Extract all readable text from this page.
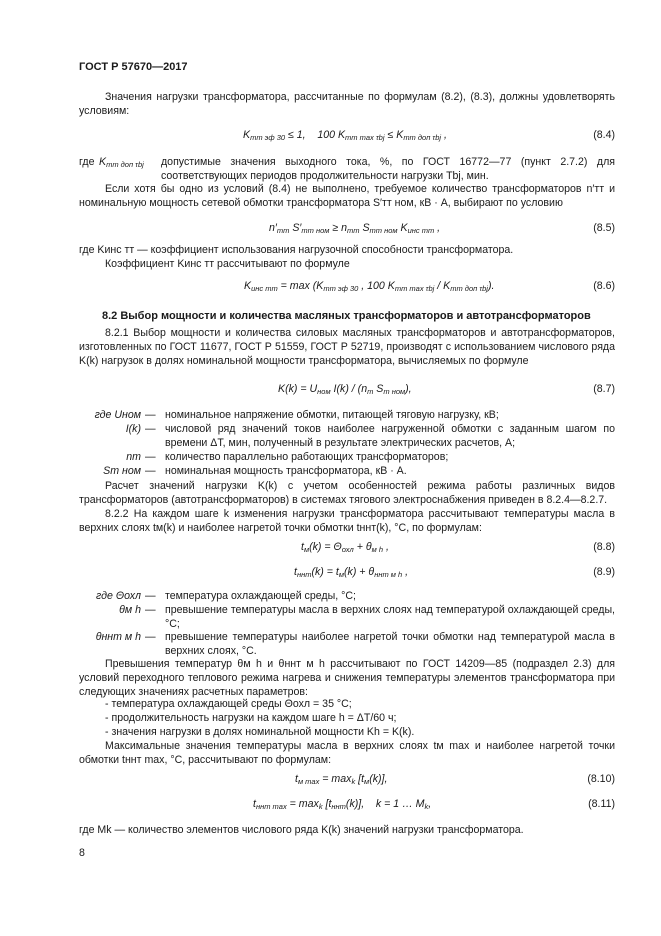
ГОСТ Р 57670—2017
Значения нагрузки трансформатора, рассчитанные по формулам (8.2), (8.3), должны удовлетворять условиям:
$K_{тт эф 30} \le 1$,    100 $K_{тт max \tau bj} \le K_{тт доп \tau bj}$ ,	(8.4)
где $K_{тт доп \tau bj}$ допустимые значения выходного тока, %, по ГОСТ 16772—77 (пункт 2.7.2) для соответствующих периодов продолжительности нагрузки Tbj, мин.
Если хотя бы одно из условий (8.4) не выполнено, требуемое количество трансформаторов n′тт и номинальную мощность сетевой обмотки трансформатора S′тт ном, кВ · А, выбирают по условию
$n'_{тт}$ $S'_{тт ном} \ge n_{тт}$ $S_{тт ном}$ $K_{инс тт}$ ,	(8.5)
где Kинс тт — коэффициент использования нагрузочной способности трансформатора.
Коэффициент Kинс тт рассчитывают по формуле
$K_{инс тт} = \max (K_{тт эф 30}$ , 100 $K_{тт max \tau bj} / K_{тт доп \tau bj}$).	(8.6)
8.2 Выбор мощности и количества масляных трансформаторов и автотрансформаторов
8.2.1 Выбор мощности и количества силовых масляных трансформаторов и автотрансформаторов, изготовленных по ГОСТ 11677, ГОСТ Р 51559, ГОСТ Р 52719, производят с использованием числового ряда K(k) нагрузок в долях номинальной мощности трансформатора, вычисляемых по формуле
$K(k) = U_{ном}$ $I(k) / (n_т$ $S_{т ном}$),	(8.7)
где Uном — номинальное напряжение обмотки, питающей тяговую нагрузку, кВ;
I(k) — числовой ряд значений токов наиболее нагруженной обмотки с заданным шагом по времени ΔT, мин, полученный в результате электрических расчетов, А;
nт — количество параллельно работающих трансформаторов;
Sт ном — номинальная мощность трансформатора, кВ · А.
Расчет значений нагрузки K(k) с учетом особенностей режима работы различных видов трансформаторов (автотрансформаторов) в системах тягового электроснабжения приведен в 8.2.4—8.2.7.
8.2.2 На каждом шаге k изменения нагрузки трансформатора рассчитывают температуры масла в верхних слоях tм(k) и наиболее нагретой точки обмотки tннт(k), °С, по формулам:
$t_м(k) = \Theta_{охл} + \theta_{м h}$ ,	(8.8)
$t_{ннт}(k) = t_м(k) + \theta_{ннт м h}$ ,	(8.9)
где Θохл — температура охлаждающей среды, °С;
θм h — превышение температуры масла в верхних слоях над температурой охлаждающей среды, °С;
θннт м h — превышение температуры наиболее нагретой точки обмотки над температурой масла в верхних слоях, °С.
Превышения температур θм h и θннт м h рассчитывают по ГОСТ 14209—85 (подраздел 2.3) для условий переходного теплового режима нагрева и снижения температуры элементов трансформатора при следующих значениях расчетных параметров:
- температура охлаждающей среды Θохл = 35 °С;
- продолжительность нагрузки на каждом шаге h = ΔT/60 ч;
- значения нагрузки в долях номинальной мощности Kh = K(k).
Максимальные значения температуры масла в верхних слоях tм max и наиболее нагретой точки обмотки tннт max, °С, рассчитывают по формулам:
$t_{м max} = \max_k [t_м(k)]$,	(8.10)
$t_{ннт max} = \max_k [t_{ннт}(k)]$,    k = 1 … $M_k$,	(8.11)
где Mk — количество элементов числового ряда K(k) значений нагрузки трансформатора.
8
